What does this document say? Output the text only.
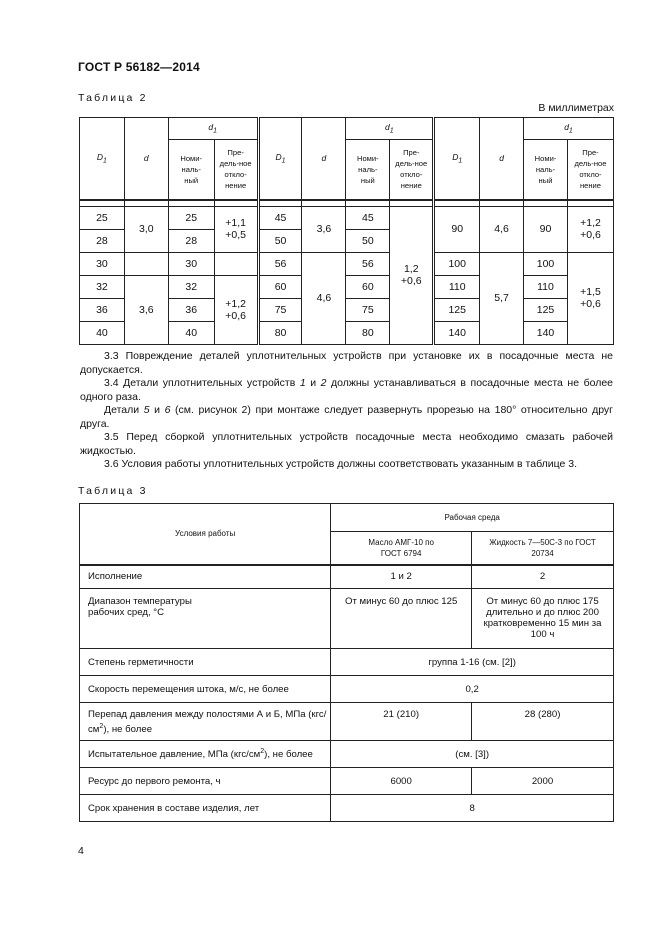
ГОСТ Р 56182—2014
Таблица 2
В миллиметрах
$D_1$	d	$d_1$		$D_1$	d	$d_1$		$D_1$	d	$d_1$

		Номи-наль-ный	Пре-дель-ное откло-нение			Номи-наль-ный	Пре-дель-ное откло-нение			Номи-наль-ный	Пре-дель-ное откло-нение

25	3,0	25	+1,1 +0,5	45	3,6	45	1,2 +0,6	90	4,6	90	+1,2 +0,6

28		28		50		50					
30		30		56	4,6	56		100	5,7	100	+1,5 +0,6

32	3,6	32	+1,2 +0,6	60		60		110		110	
36		36		75		75		125		125	
40		40		80		80		140		140	

3.3 Повреждение деталей уплотнительных устройств при установке их в посадочные места не допускается.

3.4 Детали уплотнительных устройств 1 и 2 должны устанавливаться в посадочные места не более одного раза.

Детали 5 и 6 (см. рисунок 2) при монтаже следует развернуть прорезью на 180° относительно друг друга.

3.5 Перед сборкой уплотнительных устройств посадочные места необходимо смазать рабочей жидкостью.

3.6 Условия работы уплотнительных устройств должны соответствовать указанным в таблице 3.

Таблица 3
Условия работы	Рабочая среда	

	Масло АМГ-10 по ГОСТ 6794	Жидкость 7—50С-3 по ГОСТ 20734

Исполнение	1 и 2	2

Диапазон температуры
рабочих сред, °С	От минус 60 до плюс 125	От минус 60 до плюс 175 длительно и до плюс 200 кратковременно 15 мин за 100 ч

Степень герметичности	группа 1-16 (см. [2])	
Скорость перемещения штока, м/с, не более	0,2	
Перепад давления между полостями А и Б, МПа $(кгс/см^2)$, не более	21 (210)	28 (280)
Испытательное давление, МПа $(кгс/см^2)$, не более	(см. [3])	
Ресурс до первого ремонта, ч	6000	2000
Срок хранения в составе изделия, лет	8	
4
